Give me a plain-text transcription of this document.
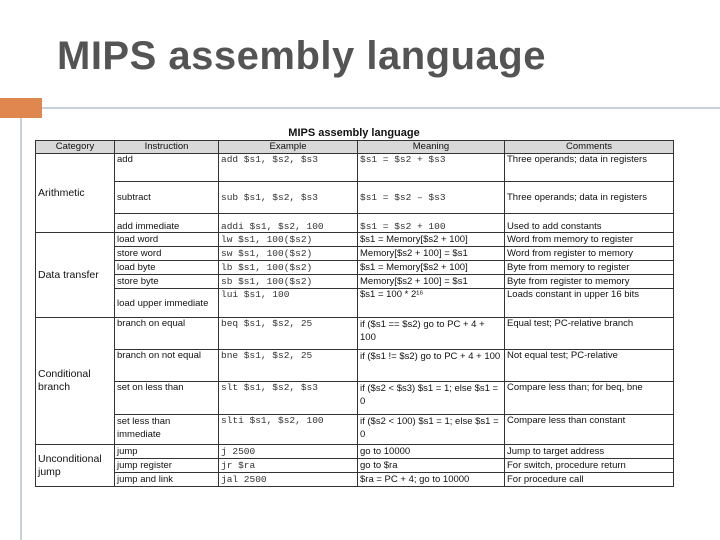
MIPS assembly language
MIPS assembly language
Category	Instruction	Example	Meaning	Comments
Arithmetic	add	add $s1, $s2, $s3	$s1 = $s2 + $s3	Three operands; data in registers
	subtract	sub $s1, $s2, $s3	$s1 = $s2 – $s3	Three operands; data in registers
	add immediate	addi $s1, $s2, 100	$s1 = $s2 + 100	Used to add constants
Data transfer	load word	lw $s1, 100($s2)	$s1 = Memory[$s2 + 100]	Word from memory to register
	store word	sw $s1, 100($s2)	Memory[$s2 + 100] = $s1	Word from register to memory
	load byte	lb $s1, 100($s2)	$s1 = Memory[$s2 + 100]	Byte from memory to register
	store byte	sb $s1, 100($s2)	Memory[$s2 + 100] = $s1	Byte from register to memory
	load upper immediate	lui $s1, 100	$s1 = 100 * 2¹⁶	Loads constant in upper 16 bits
Conditional branch	branch on equal	beq $s1, $s2, 25	if ($s1 == $s2) go to PC + 4 + 100	Equal test; PC-relative branch
	branch on not equal	bne $s1, $s2, 25	if ($s1 != $s2) go to PC + 4 + 100	Not equal test; PC-relative
	set on less than	slt $s1, $s2, $s3	if ($s2 < $s3) $s1 = 1; else $s1 = 0	Compare less than; for beq, bne
	set less than immediate	slti $s1, $s2, 100	if ($s2 < 100) $s1 = 1; else $s1 = 0	Compare less than constant
Unconditional jump	jump	j 2500	go to 10000	Jump to target address
	jump register	jr $ra	go to $ra	For switch, procedure return
	jump and link	jal 2500	$ra = PC + 4; go to 10000	For procedure call
